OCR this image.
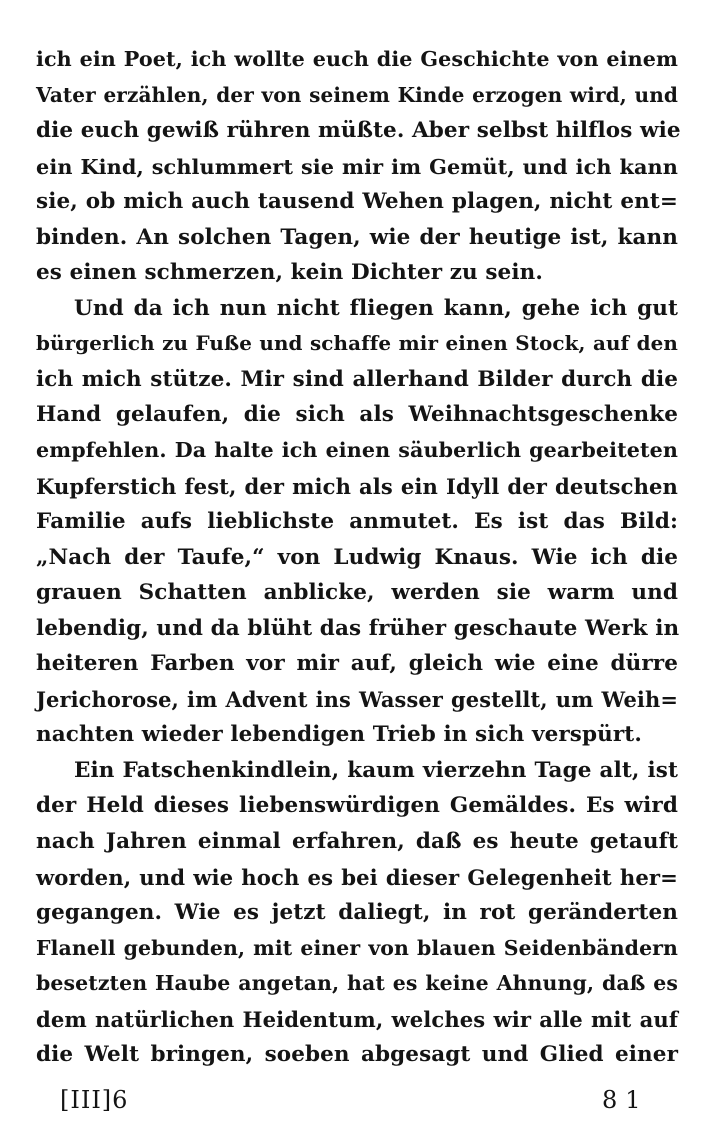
ich ein Poet, ich wollte euch die Geschichte von einem
Vater erzählen, der von seinem Kinde erzogen wird, und
die euch gewiß rühren müßte. Aber selbst hilflos wie
ein Kind, schlummert sie mir im Gemüt, und ich kann
sie, ob mich auch tausend Wehen plagen, nicht ent=
binden. An solchen Tagen, wie der heutige ist, kann
es einen schmerzen, kein Dichter zu sein.
Und da ich nun nicht fliegen kann, gehe ich gut
bürgerlich zu Fuße und schaffe mir einen Stock, auf den
ich mich stütze. Mir sind allerhand Bilder durch die
Hand gelaufen, die sich als Weihnachtsgeschenke
empfehlen. Da halte ich einen säuberlich gearbeiteten
Kupferstich fest, der mich als ein Idyll der deutschen
Familie aufs lieblichste anmutet. Es ist das Bild:
„Nach der Taufe,“ von Ludwig Knaus. Wie ich die
grauen Schatten anblicke, werden sie warm und
lebendig, und da blüht das früher geschaute Werk in
heiteren Farben vor mir auf, gleich wie eine dürre
Jerichorose, im Advent ins Wasser gestellt, um Weih=
nachten wieder lebendigen Trieb in sich verspürt.
Ein Fatschenkindlein, kaum vierzehn Tage alt, ist
der Held dieses liebenswürdigen Gemäldes. Es wird
nach Jahren einmal erfahren, daß es heute getauft
worden, und wie hoch es bei dieser Gelegenheit her=
gegangen. Wie es jetzt daliegt, in rot geränderten
Flanell gebunden, mit einer von blauen Seidenbändern
besetzten Haube angetan, hat es keine Ahnung, daß es
dem natürlichen Heidentum, welches wir alle mit auf
die Welt bringen, soeben abgesagt und Glied einer
[III]6	81
